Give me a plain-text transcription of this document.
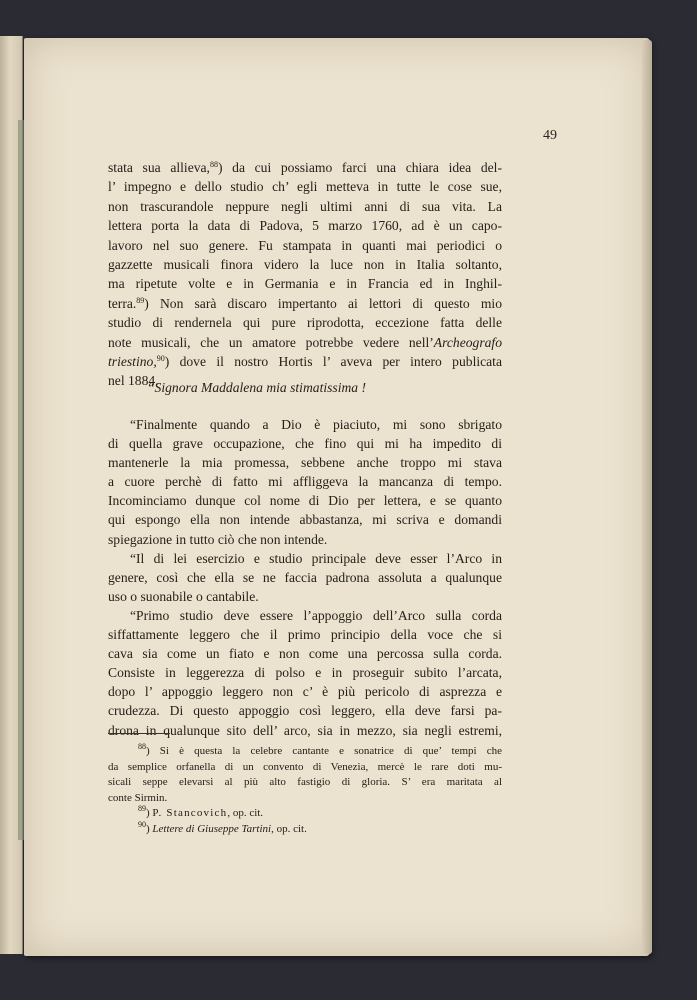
49
stata sua allieva,$^{88}$) da cui possiamo farci una chiara idea del-
l’ impegno e dello studio ch’ egli metteva in tutte le cose sue,
non trascurandole neppure negli ultimi anni di sua vita. La
lettera porta la data di Padova, 5 marzo 1760, ad è un capo-
lavoro nel suo genere. Fu stampata in quanti mai periodici o
gazzette musicali finora videro la luce non in Italia soltanto,
ma ripetute volte e in Germania e in Francia ed in Inghil-
terra.$^{89}$) Non sarà discaro impertanto ai lettori di questo mio
studio di rendernela qui pure riprodotta, eccezione fatta delle
note musicali, che un amatore potrebbe vedere nell’Archeografo
triestino,$^{90}$) dove il nostro Hortis l’ aveva per intero publicata
nel 1884.
“Signora Maddalena mia stimatissima !
“Finalmente quando a Dio è piaciuto, mi sono sbrigato
di quella grave occupazione, che fino qui mi ha impedito di
mantenerle la mia promessa, sebbene anche troppo mi stava
a cuore perchè di fatto mi affliggeva la mancanza di tempo.
Incominciamo dunque col nome di Dio per lettera, e se quanto
qui espongo ella non intende abbastanza, mi scriva e domandi
spiegazione in tutto ciò che non intende.
“Il di lei esercizio e studio principale deve esser l’Arco in
genere, così che ella se ne faccia padrona assoluta a qualunque
uso o suonabile o cantabile.
“Primo studio deve essere l’appoggio dell’Arco sulla corda
siffattamente leggero che il primo principio della voce che si
cava sia come un fiato e non come una percossa sulla corda.
Consiste in leggerezza di polso e in proseguir subito l’arcata,
dopo l’ appoggio leggero non c’ è più pericolo di asprezza e
crudezza. Di questo appoggio così leggero, ella deve farsi pa-
drona in qualunque sito dell’ arco, sia in mezzo, sia negli estremi,
$^{88}$) Si è questa la celebre cantante e sonatrice di que’ tempi che
da semplice orfanella di un convento di Venezia, mercè le rare doti mu-
sicali seppe elevarsi al più alto fastigio di gloria. S’ era maritata al
conte Sirmin.
$^{89}$) P. Stancovich, op. cit.
$^{90}$) Lettere di Giuseppe Tartini, op. cit.
